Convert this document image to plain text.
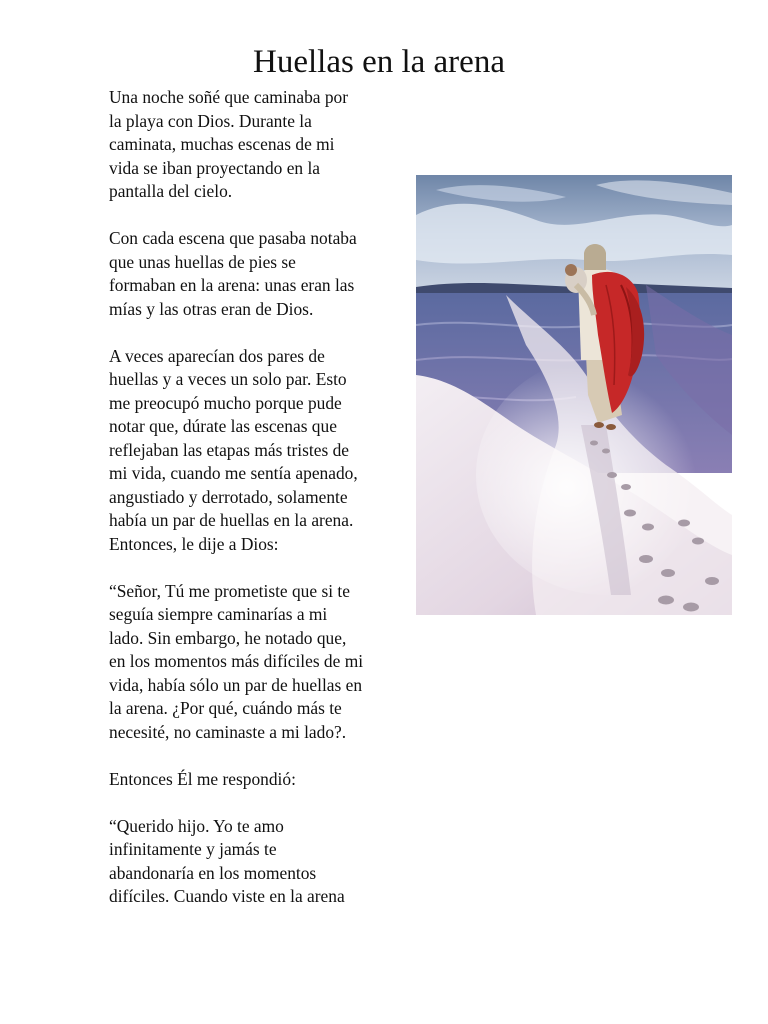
Huellas en la arena

Una noche soñé que caminaba por
la playa con Dios. Durante la
caminata, muchas escenas de mi
vida se iban proyectando en la
pantalla del cielo.

Con cada escena que pasaba notaba
que unas huellas de pies se
formaban en la arena: unas eran las
mías y las otras eran de Dios.

A veces aparecían dos pares de
huellas y a veces un solo par. Esto
me preocupó mucho porque pude
notar que, dúrate las escenas que
reflejaban las etapas más tristes de
mi vida, cuando me sentía apenado,
angustiado y derrotado, solamente
había un par de huellas en la arena.
Entonces, le dije a Dios:

“Señor, Tú me prometiste que si te
seguía siempre caminarías a mi
lado. Sin embargo, he notado que,
en los momentos más difíciles de mi
vida, había sólo un par de huellas en
la arena. ¿Por qué, cuándo más te
necesité, no caminaste a mi lado?.

Entonces Él me respondió:

“Querido hijo. Yo te amo
infinitamente y jamás te
abandonaría en los momentos
difíciles. Cuando viste en la arena
